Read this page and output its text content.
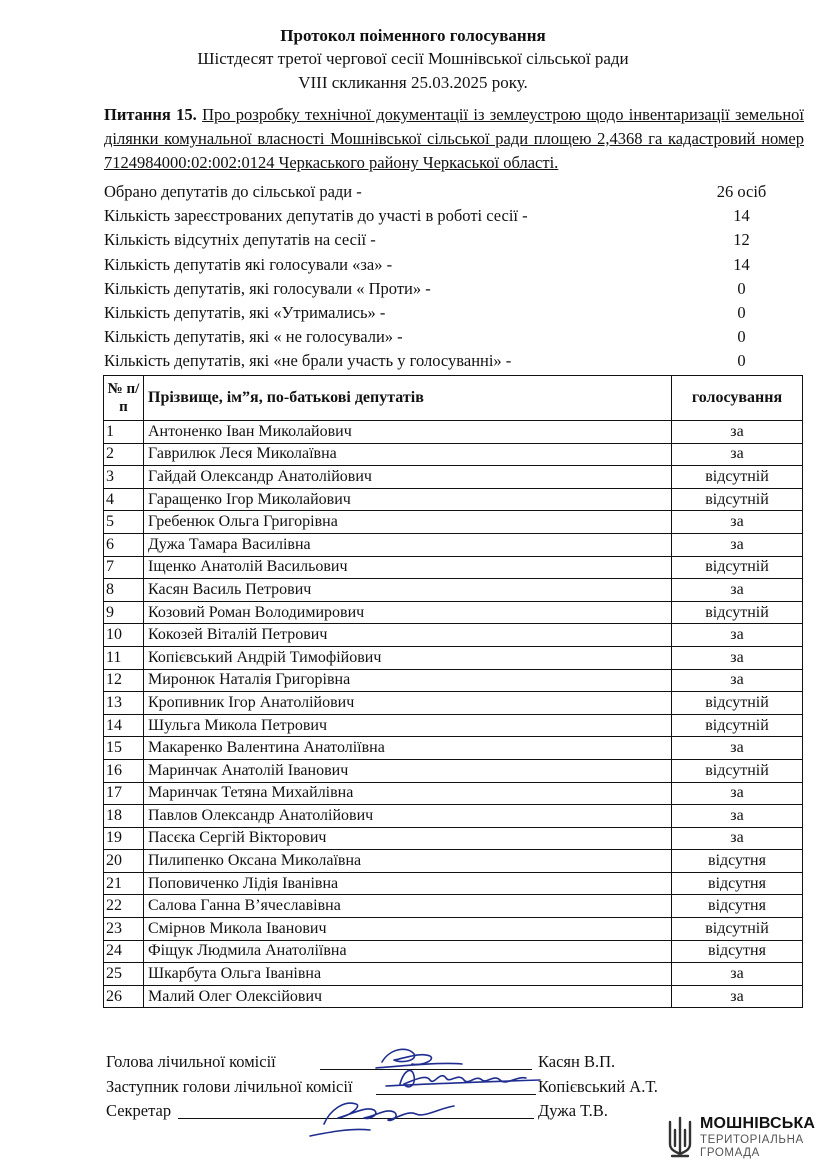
Протокол поіменного голосування
Шістдесят третої чергової сесії Мошнівської сільської ради
VIII скликання 25.03.2025 року.
Питання 15. Про розробку технічної документації із землеустрою щодо інвентаризації земельної ділянки комунальної власності Мошнівської сільської ради площею 2,4368 га кадастровий номер 7124984000:02:002:0124 Черкаського району Черкаської області.
Обрано депутатів до сільської ради -	26 осіб
Кількість зареєстрованих депутатів до участі в роботі сесії -	14
Кількість відсутніх депутатів на сесії -	12
Кількість депутатів які голосували «за» -	14
Кількість депутатів, які голосували « Проти» -	0
Кількість депутатів, які «Утримались» -	0
Кількість депутатів, які « не голосували» -	0
Кількість депутатів, які «не брали участь у голосуванні» -	0
№ п/п	Прізвище, ім”я, по-батькові депутатів	голосування
1	Антоненко Іван Миколайович	за
2	Гаврилюк Леся Миколаївна	за
3	Гайдай Олександр Анатолійович	відсутній
4	Гаращенко Ігор Миколайович	відсутній
5	Гребенюк Ольга Григорівна	за
6	Дужа Тамара Василівна	за
7	Іщенко Анатолій Васильович	відсутній
8	Касян Василь Петрович	за
9	Козовий Роман Володимирович	відсутній
10	Кокозей Віталій Петрович	за
11	Копієвський Андрій Тимофійович	за
12	Миронюк Наталія Григорівна	за
13	Кропивник Ігор Анатолійович	відсутній
14	Шульга Микола Петрович	відсутній
15	Макаренко Валентина Анатоліївна	за
16	Маринчак Анатолій Іванович	відсутній
17	Маринчак Тетяна Михайлівна	за
18	Павлов Олександр Анатолійович	за
19	Пасєка Сергій Вікторович	за
20	Пилипенко Оксана Миколаївна	відсутня
21	Поповиченко Лідія Іванівна	відсутня
22	Салова Ганна В’ячеславівна	відсутня
23	Смірнов Микола Іванович	відсутній
24	Фіщук Людмила Анатоліївна	відсутня
25	Шкарбута Ольга Іванівна	за
26	Малий Олег Олексійович	за
Голова лічильної комісії	Касян В.П.
Заступник голови лічильної комісії	Копієвський А.Т.
Секретар	Дужа Т.В.
МОШНІВСЬКА
ТЕРИТОРІАЛЬНА
ГРОМАДА
